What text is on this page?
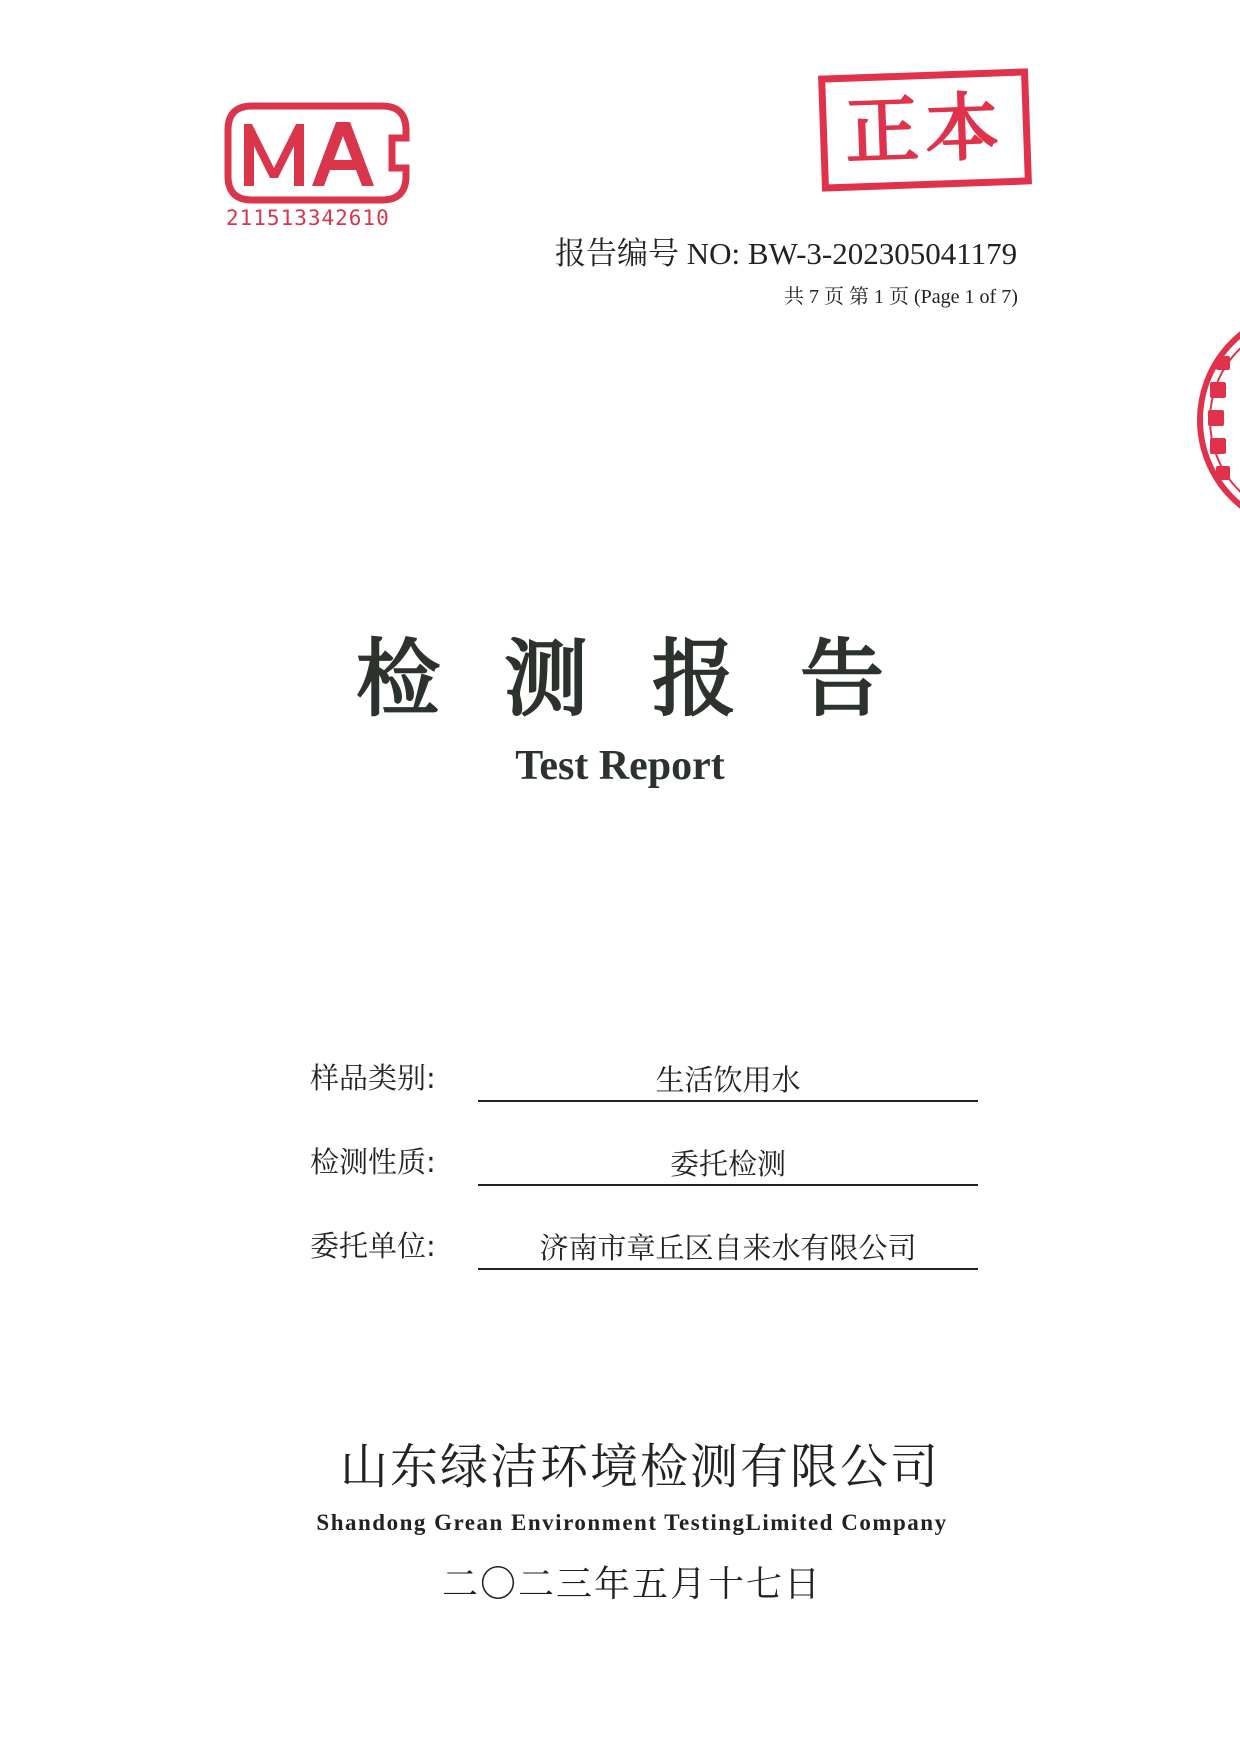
211513342610
正本
报告编号 NO: BW-3-202305041179
共 7 页 第 1 页 (Page 1 of 7)
检 测 报 告
Test Report
样品类别:	生活饮用水
检测性质:	委托检测
委托单位:	济南市章丘区自来水有限公司
山东绿洁环境检测有限公司
Shandong Grean Environment TestingLimited Company
二〇二三年五月十七日
